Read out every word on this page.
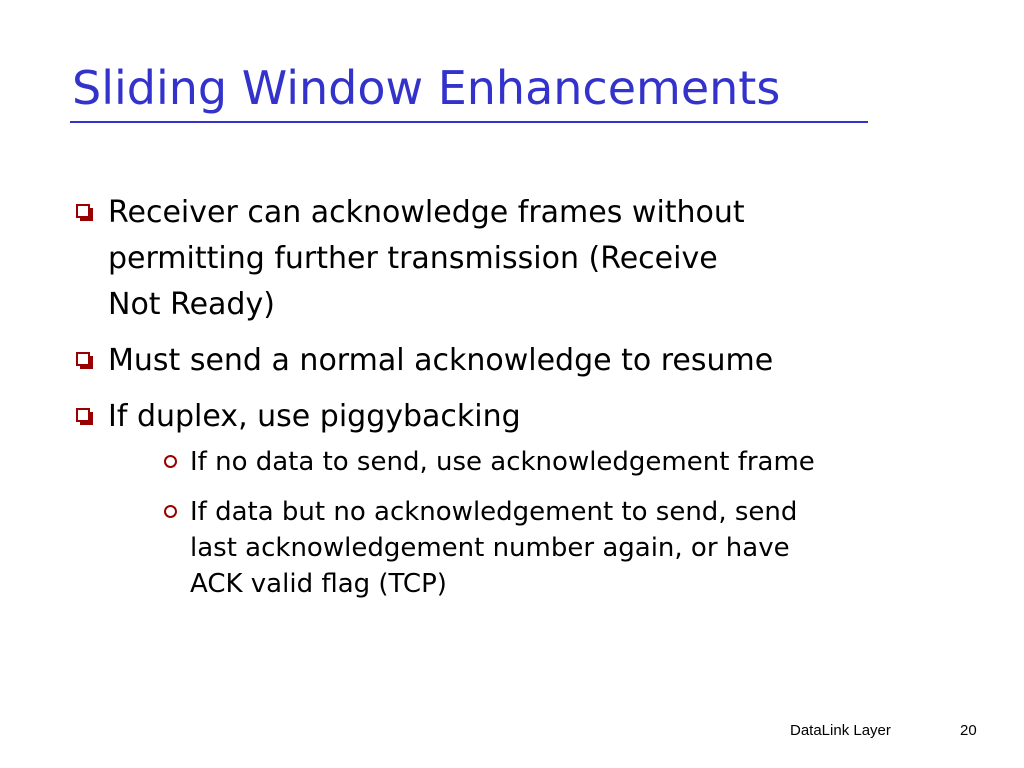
Sliding Window Enhancements
Receiver can acknowledge frames without
permitting further transmission (Receive
Not Ready)
Must send a normal acknowledge to resume
If duplex, use piggybacking
If no data to send, use acknowledgement frame
If data but no acknowledgement to send, send
last acknowledgement number again, or have
ACK valid flag (TCP)
DataLink Layer	20
